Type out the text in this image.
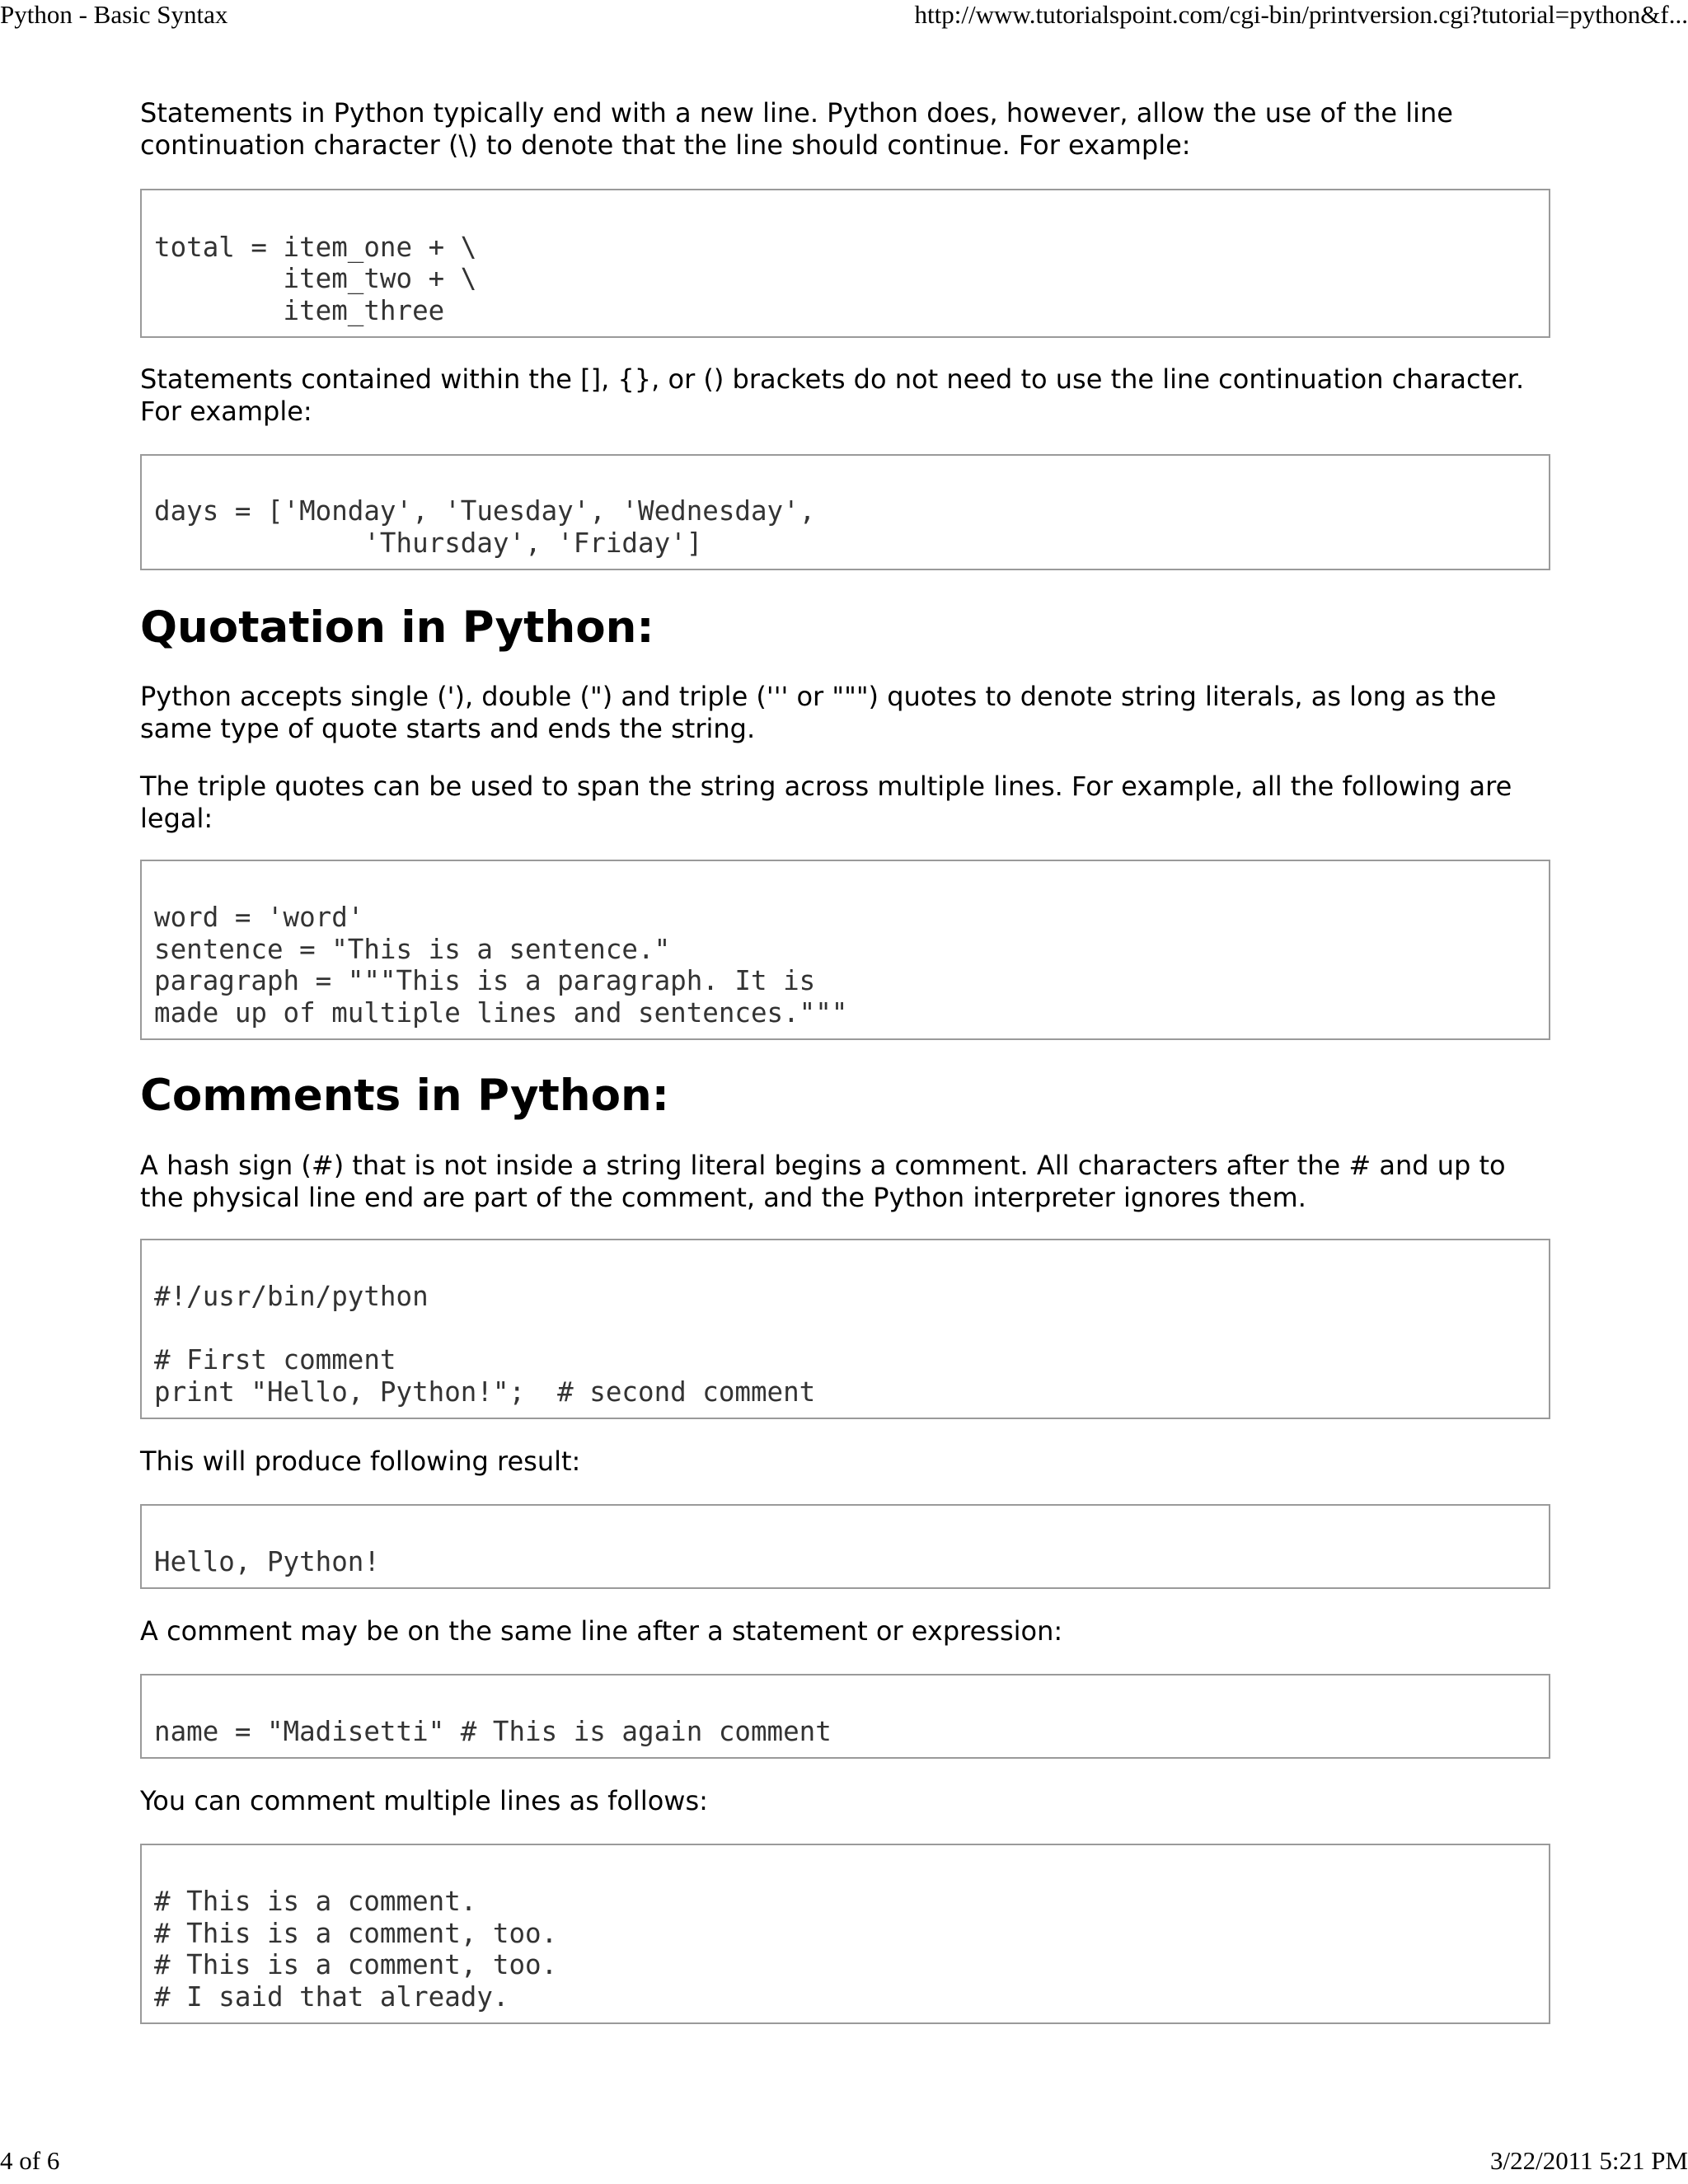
Python - Basic Syntax	http://www.tutorialspoint.com/cgi-bin/printversion.cgi?tutorial=python&f...

Statements in Python typically end with a new line. Python does, however, allow the use of the line continuation character (\) to denote that the line should continue. For example:

total = item_one + \
item_two + \
item_three

Statements contained within the [], {}, or () brackets do not need to use the line continuation character. For example:

days = ['Monday', 'Tuesday', 'Wednesday',
'Thursday', 'Friday']
Quotation in Python:

Python accepts single ('), double (") and triple (''' or """) quotes to denote string literals, as long as the same type of quote starts and ends the string.

The triple quotes can be used to span the string across multiple lines. For example, all the following are legal:

word = 'word'
sentence = "This is a sentence."
paragraph = """This is a paragraph. It is
made up of multiple lines and sentences."""
Comments in Python:

A hash sign (#) that is not inside a string literal begins a comment. All characters after the # and up to the physical line end are part of the comment, and the Python interpreter ignores them.

#!/usr/bin/python

# First comment
print "Hello, Python!";  # second comment

This will produce following result:

Hello, Python!

A comment may be on the same line after a statement or expression:

name = "Madisetti" # This is again comment

You can comment multiple lines as follows:

# This is a comment.
# This is a comment, too.
# This is a comment, too.
# I said that already.
4 of 6	3/22/2011 5:21 PM
